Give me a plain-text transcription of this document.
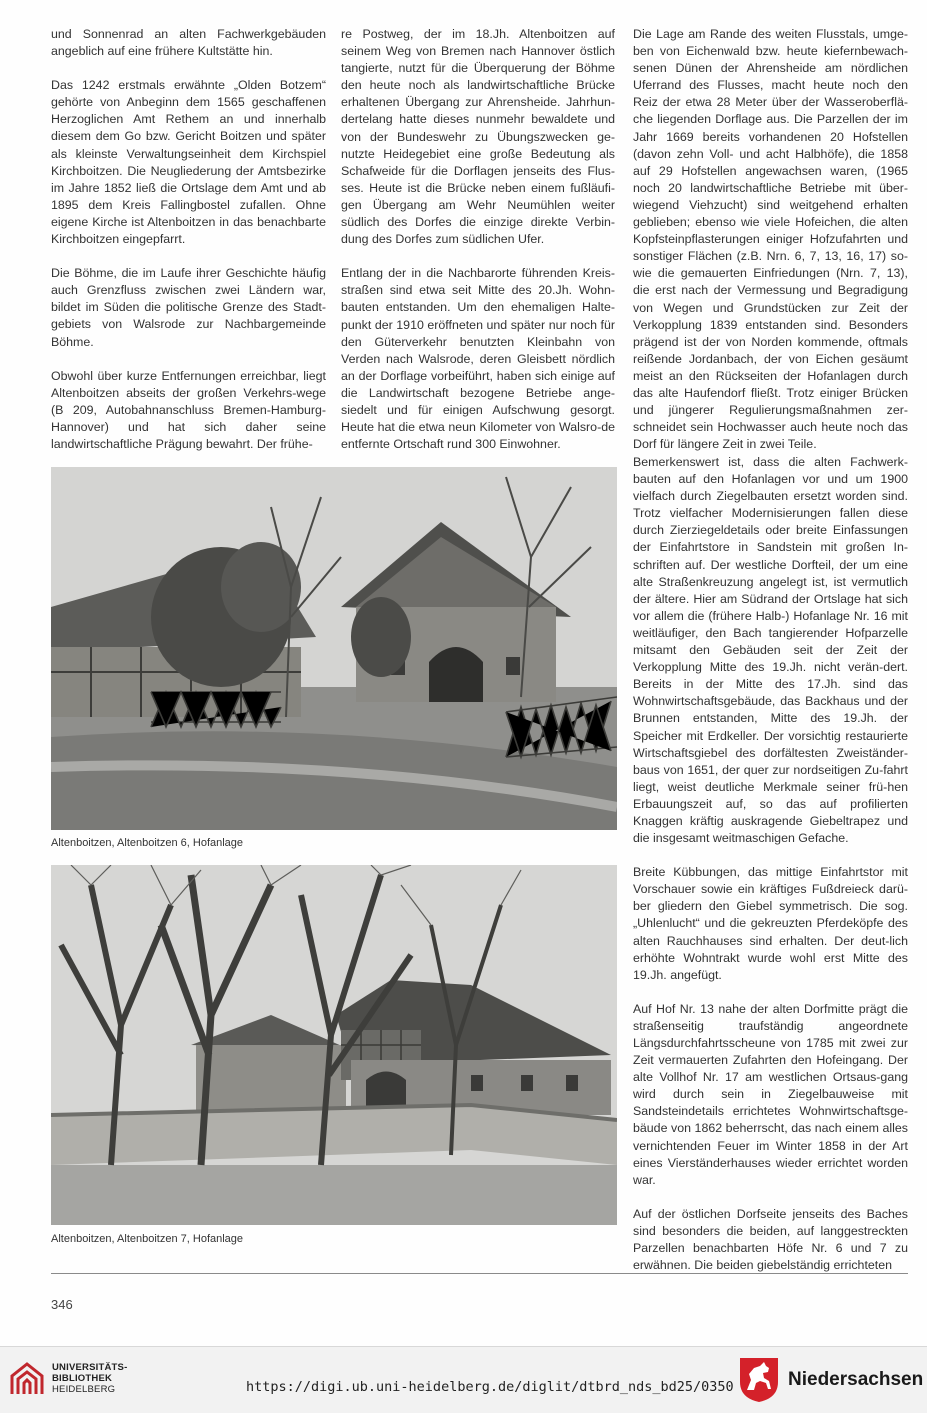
und Sonnenrad an alten Fachwerkgebäuden angeblich auf eine frühere Kultstätte hin.

Das 1242 erstmals erwähnte „Olden Botzem“ gehörte von Anbeginn dem 1565 geschaffenen Herzoglichen Amt Rethem an und innerhalb diesem dem Go bzw. Gericht Boitzen und später als kleinste Verwaltungseinheit dem Kirchspiel Kirchboitzen. Die Neugliederung der Amtsbezirke im Jahre 1852 ließ die Ortslage dem Amt und ab 1895 dem Kreis Fallingbostel zufallen. Ohne eigene Kirche ist Altenboitzen in das benachbarte Kirchboitzen eingepfarrt.

Die Böhme, die im Laufe ihrer Geschichte häufig auch Grenzfluss zwischen zwei Ländern war, bildet im Süden die politische Grenze des Stadt-gebiets von Walsrode zur Nachbargemeinde Böhme.

Obwohl über kurze Entfernungen erreichbar, liegt Altenboitzen abseits der großen Verkehrs-wege (B 209, Autobahnanschluss Bremen-Hamburg-Hannover) und hat sich daher seine landwirtschaftliche Prägung bewahrt. Der frühe-

re Postweg, der im 18.Jh. Altenboitzen auf seinem Weg von Bremen nach Hannover östlich tangierte, nutzt für die Überquerung der Böhme den heute noch als landwirtschaftliche Brücke erhaltenen Übergang zur Ahrensheide. Jahrhun-dertelang hatte dieses nunmehr bewaldete und von der Bundeswehr zu Übungszwecken ge-nutzte Heidegebiet eine große Bedeutung als Schafweide für die Dorflagen jenseits des Flus-ses. Heute ist die Brücke neben einem fußläufi-gen Übergang am Wehr Neumühlen weiter südlich des Dorfes die einzige direkte Verbin-dung des Dorfes zum südlichen Ufer.

Entlang der in die Nachbarorte führenden Kreis-straßen sind etwa seit Mitte des 20.Jh. Wohn-bauten entstanden. Um den ehemaligen Halte-punkt der 1910 eröffneten und später nur noch für den Güterverkehr benutzten Kleinbahn von Verden nach Walsrode, deren Gleisbett nördlich an der Dorflage vorbeiführt, haben sich einige auf die Landwirtschaft bezogene Betriebe ange-siedelt und für einigen Aufschwung gesorgt. Heute hat die etwa neun Kilometer von Walsro-de entfernte Ortschaft rund 300 Einwohner.

Die Lage am Rande des weiten Flusstals, umge-ben von Eichenwald bzw. heute kiefernbewach-senen Dünen der Ahrensheide am nördlichen Uferrand des Flusses, macht heute noch den Reiz der etwa 28 Meter über der Wasseroberflä-che liegenden Dorflage aus. Die Parzellen der im Jahr 1669 bereits vorhandenen 20 Hofstellen (davon zehn Voll- und acht Halbhöfe), die 1858 auf 29 Hofstellen angewachsen waren, (1965 noch 20 landwirtschaftliche Betriebe mit über-wiegend Viehzucht) sind weitgehend erhalten geblieben; ebenso wie viele Hofeichen, die alten Kopfsteinpflasterungen einiger Hofzufahrten und sonstiger Flächen (z.B. Nrn. 6, 7, 13, 16, 17) so-wie die gemauerten Einfriedungen (Nrn. 7, 13), die erst nach der Vermessung und Begradigung von Wegen und Grundstücken zur Zeit der Verkopplung 1839 entstanden sind. Besonders prägend ist der von Norden kommende, oftmals reißende Jordanbach, der von Eichen gesäumt meist an den Rückseiten der Hofanlagen durch das alte Haufendorf fließt. Trotz einiger Brücken und jüngerer Regulierungsmaßnahmen zer-schneidet sein Hochwasser auch heute noch das Dorf für längere Zeit in zwei Teile.

Bemerkenswert ist, dass die alten Fachwerk-bauten auf den Hofanlagen vor und um 1900 vielfach durch Ziegelbauten ersetzt worden sind. Trotz vielfacher Modernisierungen fallen diese durch Zierziegeldetails oder breite Einfassungen der Einfahrtstore in Sandstein mit großen In-schriften auf. Der westliche Dorfteil, der um eine alte Straßenkreuzung angelegt ist, ist vermutlich der ältere. Hier am Südrand der Ortslage hat sich vor allem die (frühere Halb-) Hofanlage Nr. 16 mit weitläufiger, den Bach tangierender Hofparzelle mitsamt den Gebäuden seit der Zeit der Verkopplung Mitte des 19.Jh. nicht verän-dert. Bereits in der Mitte des 17.Jh. sind das Wohnwirtschaftsgebäude, das Backhaus und der Brunnen entstanden, Mitte des 19.Jh. der Speicher mit Erdkeller. Der vorsichtig restaurierte Wirtschaftsgiebel des dorfältesten Zweiständer-baus von 1651, der quer zur nordseitigen Zu-fahrt liegt, weist deutliche Merkmale seiner frü-hen Erbauungszeit auf, so das auf profilierten Knaggen kräftig auskragende Giebeltrapez und die insgesamt weitmaschigen Gefache.

Breite Kübbungen, das mittige Einfahrtstor mit Vorschauer sowie ein kräftiges Fußdreieck darü-ber gliedern den Giebel symmetrisch. Die sog. „Uhlenlucht“ und die gekreuzten Pferdeköpfe des alten Rauchhauses sind erhalten. Der deut-lich erhöhte Wohntrakt wurde wohl erst Mitte des 19.Jh. angefügt.

Auf Hof Nr. 13 nahe der alten Dorfmitte prägt die straßenseitig traufständig angeordnete Längsdurchfahrtsscheune von 1785 mit zwei zur Zeit vermauerten Zufahrten den Hofeingang. Der alte Vollhof Nr. 17 am westlichen Ortsaus-gang wird durch sein in Ziegelbauweise mit Sandsteindetails errichtetes Wohnwirtschaftsge-bäude von 1862 beherrscht, das nach einem alles vernichtenden Feuer im Winter 1858 in der Art eines Vierständerhauses wieder errichtet worden war.

Auf der östlichen Dorfseite jenseits des Baches sind besonders die beiden, auf langgestreckten Parzellen benachbarten Höfe Nr. 6 und 7 zu erwähnen. Die beiden giebelständig errichteten

Altenboitzen, Altenboitzen 6, Hofanlage
Altenboitzen, Altenboitzen 7, Hofanlage
346
UNIVERSITÄTS-
BIBLIOTHEK
HEIDELBERG	https://digi.ub.uni-heidelberg.de/diglit/dtbrd_nds_bd25/0350	Niedersachsen
